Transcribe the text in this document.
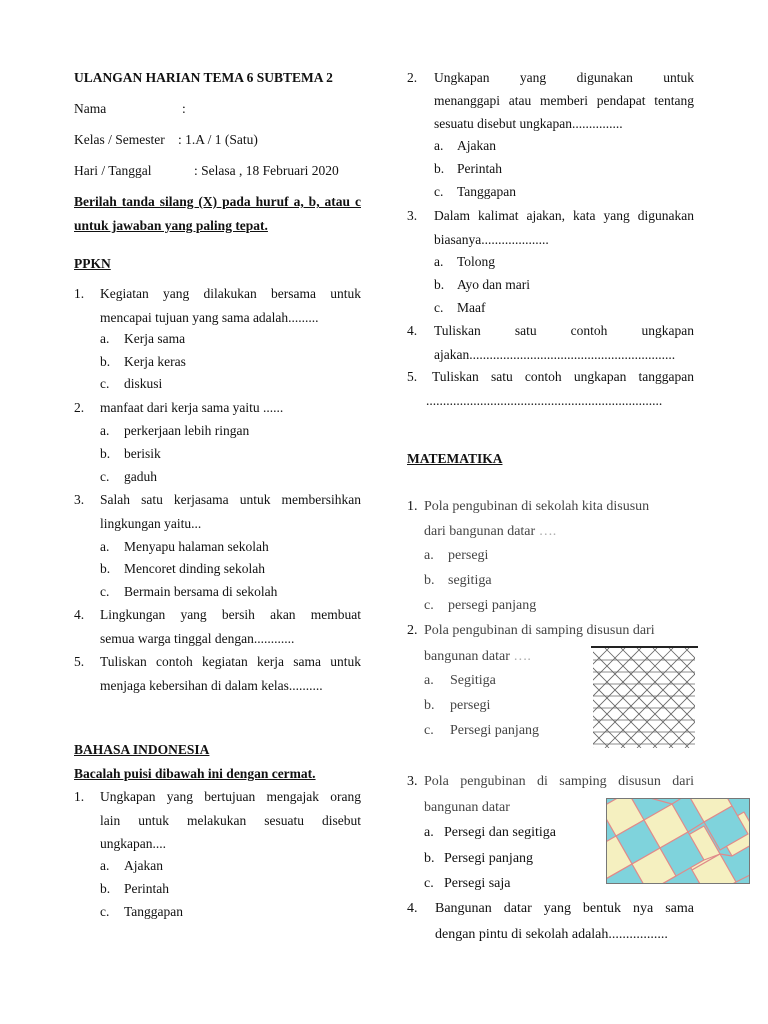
ULANGAN HARIAN TEMA 6 SUBTEMA 2
Nama	:
Kelas / Semester : 1.A / 1 (Satu)
Hari / Tanggal	: Selasa , 18 Februari 2020
Berilah tanda silang (X) pada huruf a, b, atau c
untuk jawaban yang paling tepat.
PPKN
1. Kegiatan yang dilakukan bersama untuk
mencapai tujuan yang sama adalah.........
a. Kerja sama
b. Kerja keras
c. diskusi
2. manfaat dari kerja sama yaitu ......
a. perkerjaan lebih ringan
b. berisik
c. gaduh
3. Salah satu kerjasama untuk membersihkan
lingkungan yaitu...
a. Menyapu halaman sekolah
b. Mencoret dinding sekolah
c. Bermain bersama di sekolah
4. Lingkungan yang bersih akan membuat
semua warga tinggal dengan............
5. Tuliskan contoh kegiatan kerja sama untuk
menjaga kebersihan di dalam kelas..........
BAHASA INDONESIA
Bacalah puisi dibawah ini dengan cermat.
1. Ungkapan yang bertujuan mengajak orang
lain untuk melakukan sesuatu disebut
ungkapan....
a. Ajakan
b. Perintah
c. Tanggapan
2. Ungkapan yang digunakan untuk
menanggapi atau memberi pendapat tentang
sesuatu disebut ungkapan...............
a. Ajakan
b. Perintah
c. Tanggapan
3. Dalam kalimat ajakan, kata yang digunakan
biasanya....................
a. Tolong
b. Ayo dan mari
c. Maaf
4. Tuliskan satu contoh ungkapan
ajakan.............................................................
5. Tuliskan satu contoh ungkapan tanggapan
......................................................................
MATEMATIKA
1. Pola pengubinan di sekolah kita disusun
dari bangunan datar ….
a. persegi
b. segitiga
c. persegi panjang
2. Pola pengubinan di samping disusun dari
bangunan datar ….
a. Segitiga
b. persegi
c. Persegi panjang
3. Pola pengubinan di samping disusun dari
bangunan datar
a. Persegi dan segitiga
b. Persegi panjang
c. Persegi saja
4. Bangunan datar yang bentuk nya sama
dengan pintu di sekolah adalah.................
